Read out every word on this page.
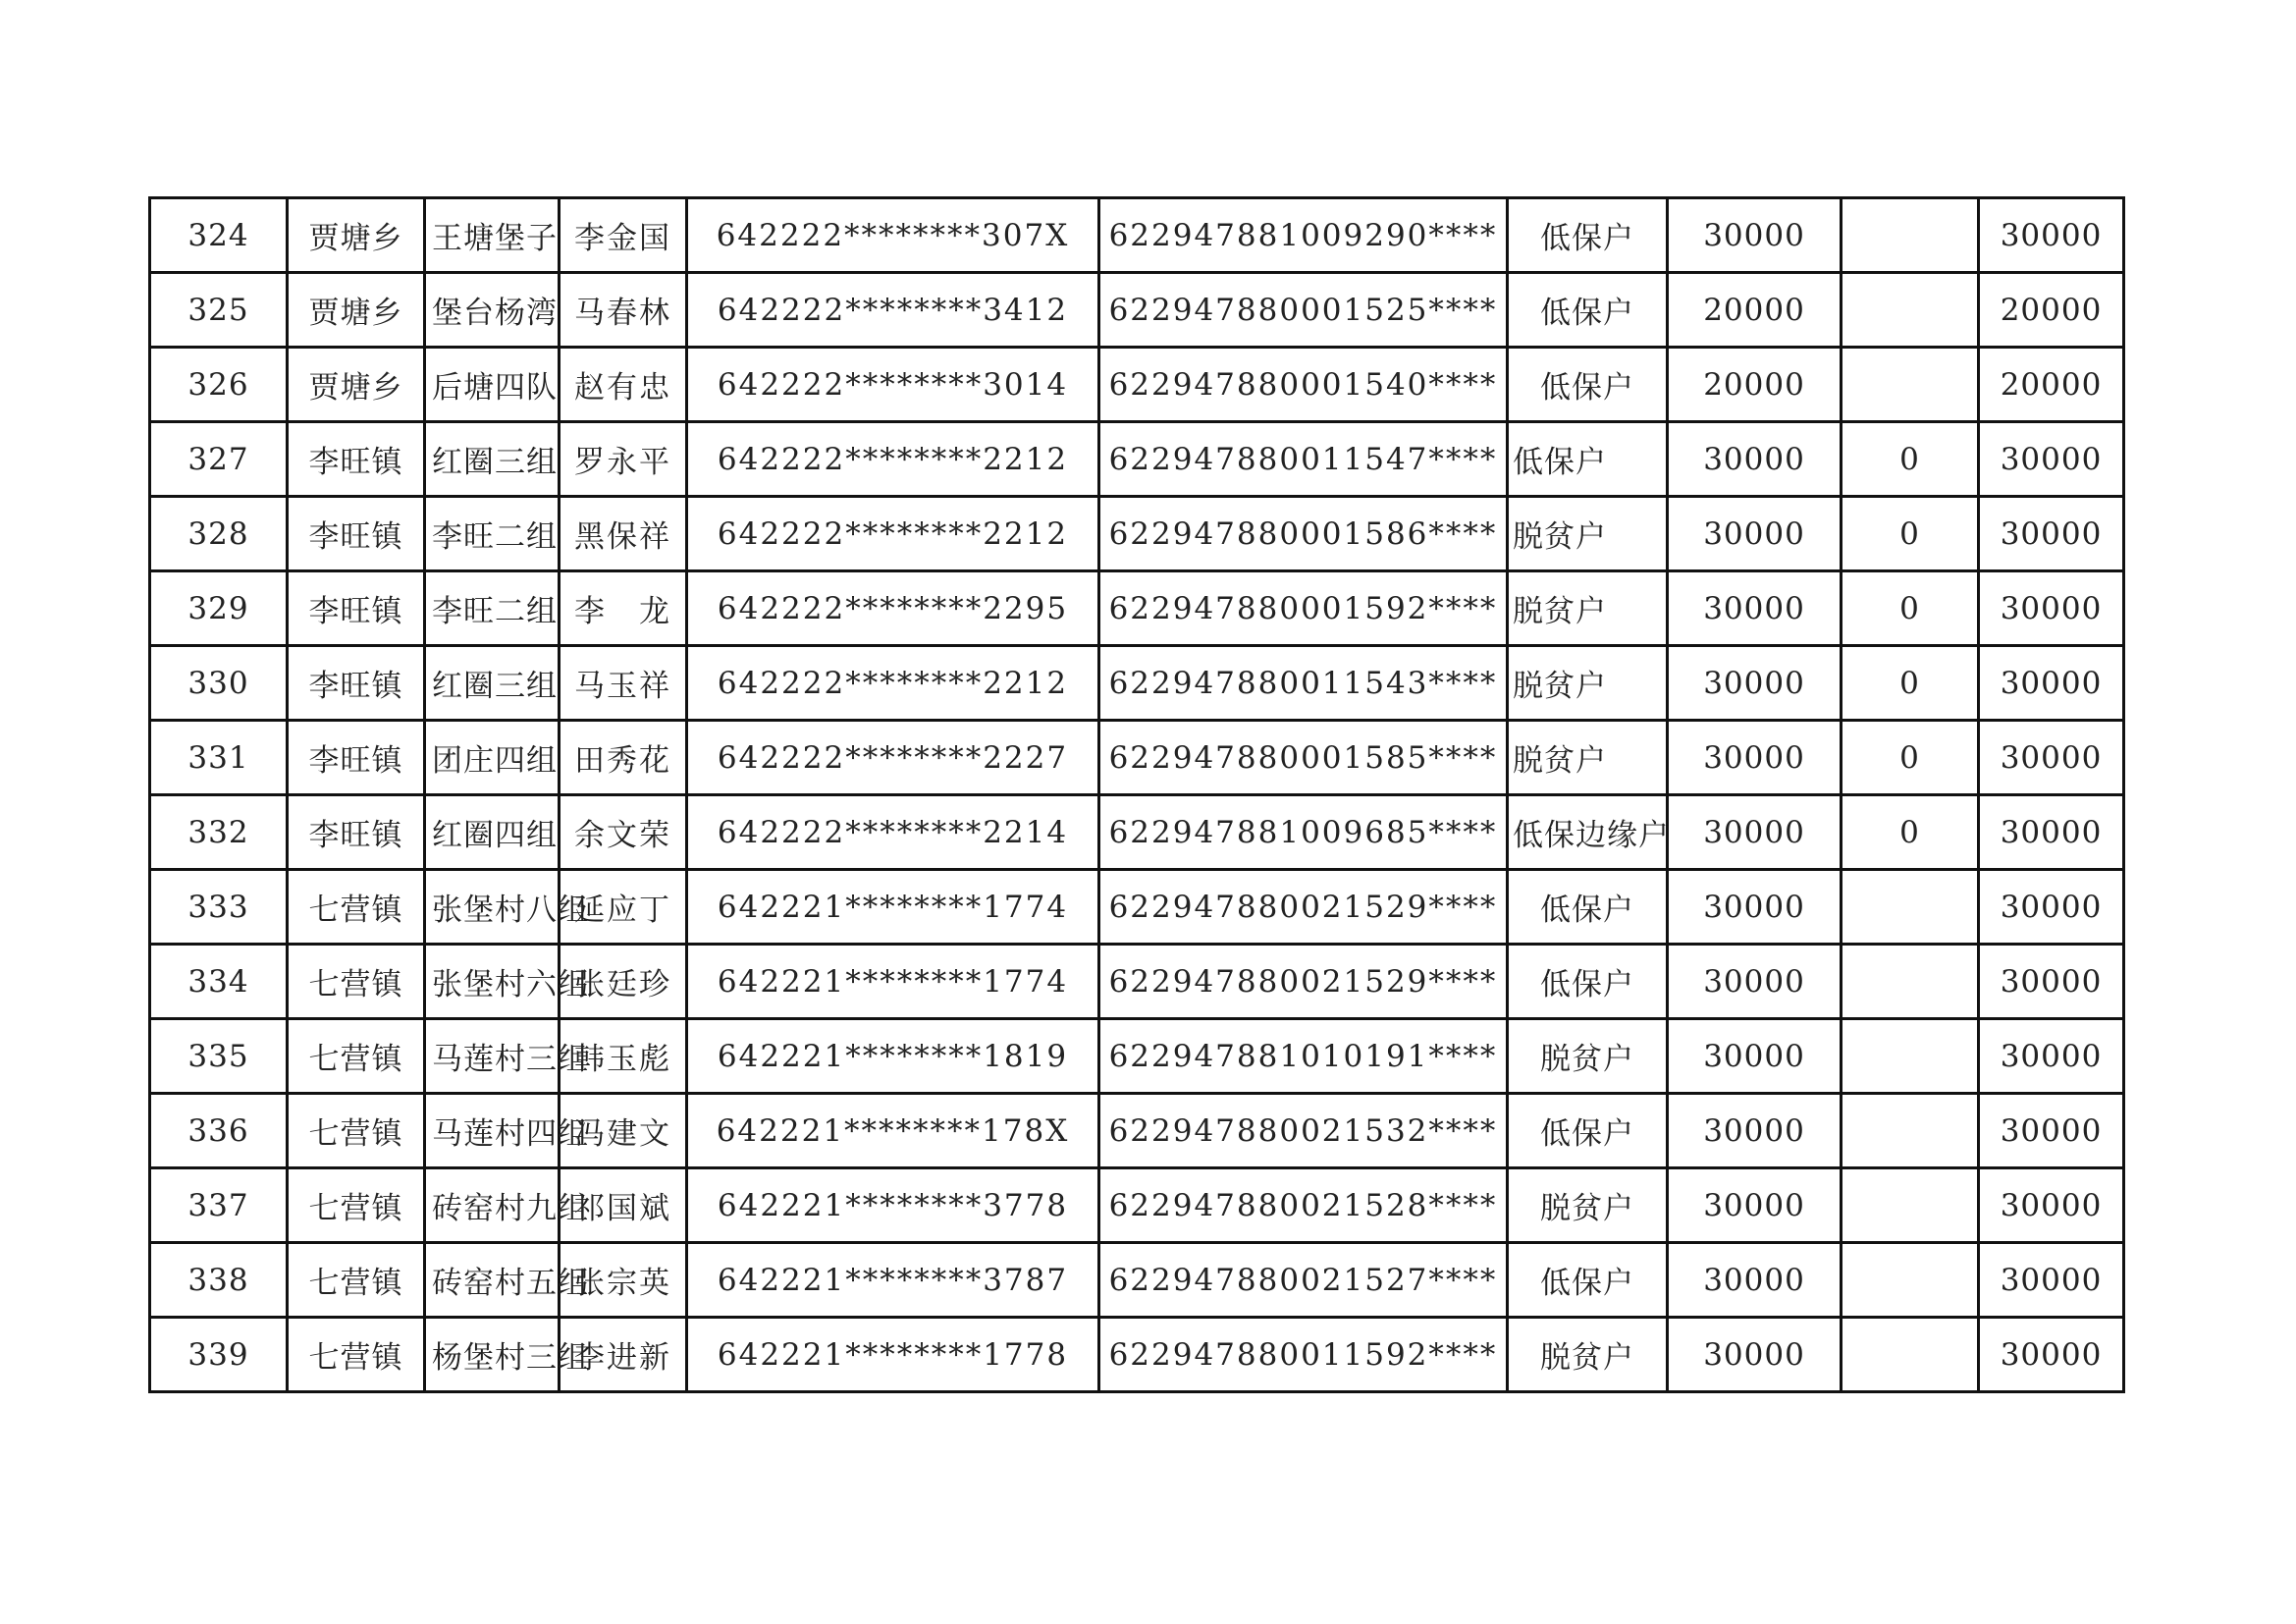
324	贾塘乡	王塘堡子	李金国	642222********307X	622947881009290****	低保户	30000		30000
325	贾塘乡	堡台杨湾	马春林	642222********3412	622947880001525****	低保户	20000		20000
326	贾塘乡	后塘四队	赵有忠	642222********3014	622947880001540****	低保户	20000		20000
327	李旺镇	红圈三组	罗永平	642222********2212	622947880011547****	低保户	30000	0	30000
328	李旺镇	李旺二组	黑保祥	642222********2212	622947880001586****	脱贫户	30000	0	30000
329	李旺镇	李旺二组	李　龙	642222********2295	622947880001592****	脱贫户	30000	0	30000
330	李旺镇	红圈三组	马玉祥	642222********2212	622947880011543****	脱贫户	30000	0	30000
331	李旺镇	团庄四组	田秀花	642222********2227	622947880001585****	脱贫户	30000	0	30000
332	李旺镇	红圈四组	余文荣	642222********2214	622947881009685****	低保边缘户	30000	0	30000
333	七营镇	张堡村八组	延应丁	642221********1774	622947880021529****	低保户	30000		30000
334	七营镇	张堡村六组	张廷珍	642221********1774	622947880021529****	低保户	30000		30000
335	七营镇	马莲村三组	韩玉彪	642221********1819	622947881010191****	脱贫户	30000		30000
336	七营镇	马莲村四组	冯建文	642221********178X	622947880021532****	低保户	30000		30000
337	七营镇	砖窑村九组	祁国斌	642221********3778	622947880021528****	脱贫户	30000		30000
338	七营镇	砖窑村五组	张宗英	642221********3787	622947880021527****	低保户	30000		30000
339	七营镇	杨堡村三组	李进新	642221********1778	622947880011592****	脱贫户	30000		30000
